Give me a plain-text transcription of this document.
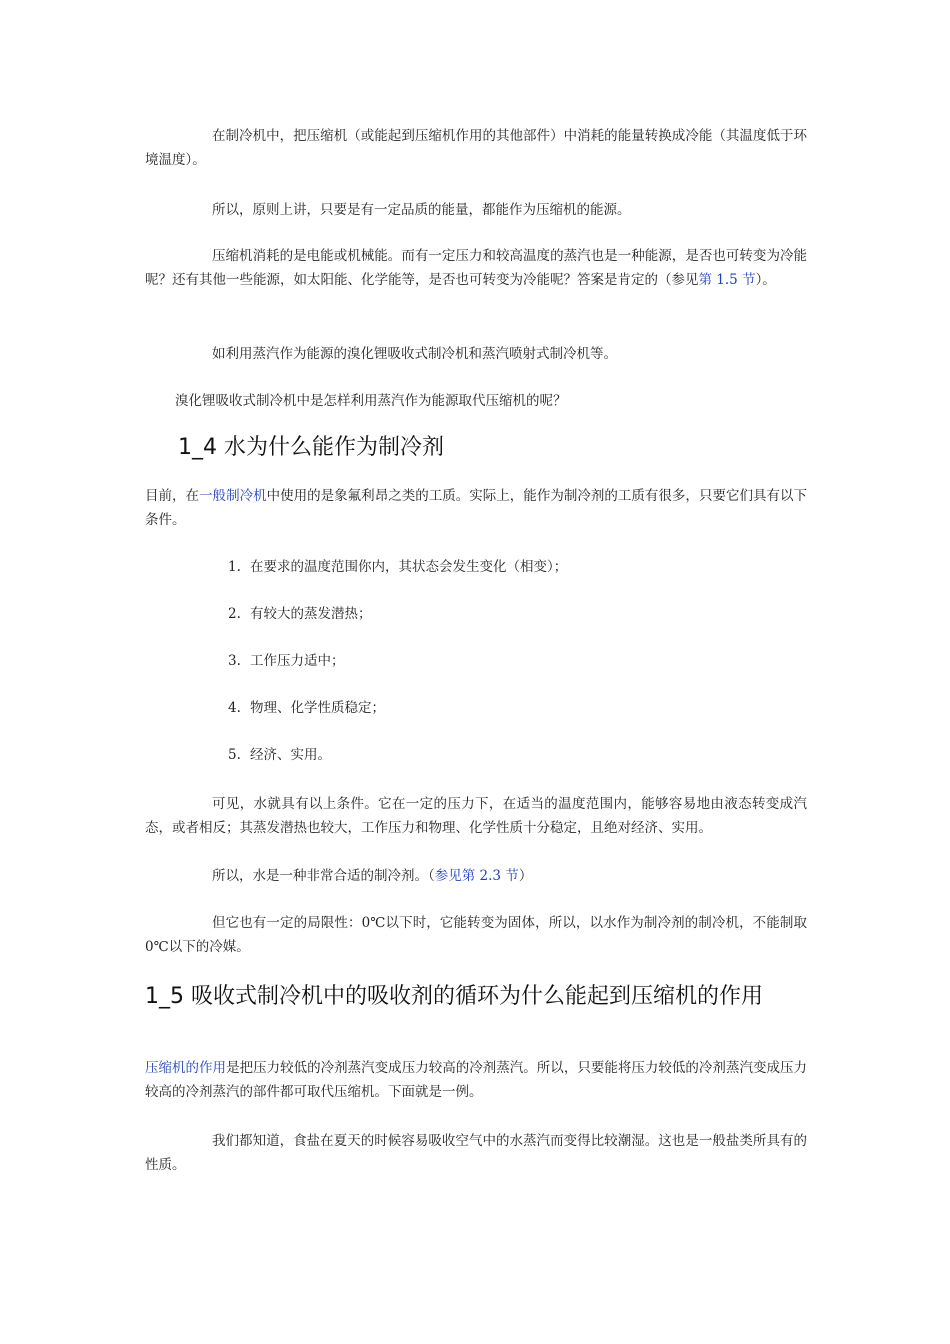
在制冷机中，把压缩机（或能起到压缩机作用的其他部件）中消耗的能量转换成冷能（其温度低于环境温度）。

所以，原则上讲，只要是有一定品质的能量，都能作为压缩机的能源。

压缩机消耗的是电能或机械能。而有一定压力和较高温度的蒸汽也是一种能源，是否也可转变为冷能呢？还有其他一些能源，如太阳能、化学能等，是否也可转变为冷能呢？答案是肯定的（参见第 1.5 节）。

如利用蒸汽作为能源的溴化锂吸收式制冷机和蒸汽喷射式制冷机等。

溴化锂吸收式制冷机中是怎样利用蒸汽作为能源取代压缩机的呢？

1_4 水为什么能作为制冷剂

目前，在一般制冷机中使用的是象氟利昂之类的工质。实际上，能作为制冷剂的工质有很多，只要它们具有以下条件。

1. 在要求的温度范围你内，其状态会发生变化（相变）；

2. 有较大的蒸发潜热；

3. 工作压力适中；

4. 物理、化学性质稳定；

5. 经济、实用。

可见，水就具有以上条件。它在一定的压力下，在适当的温度范围内，能够容易地由液态转变成汽态，或者相反；其蒸发潜热也较大，工作压力和物理、化学性质十分稳定，且绝对经济、实用。

所以，水是一种非常合适的制冷剂。（参见第 2.3 节）

但它也有一定的局限性：0℃以下时，它能转变为固体，所以，以水作为制冷剂的制冷机，不能制取 0℃以下的冷媒。

1_5 吸收式制冷机中的吸收剂的循环为什么能起到压缩机的作用

压缩机的作用是把压力较低的冷剂蒸汽变成压力较高的冷剂蒸汽。所以，只要能将压力较低的冷剂蒸汽变成压力较高的冷剂蒸汽的部件都可取代压缩机。下面就是一例。

我们都知道，食盐在夏天的时候容易吸收空气中的水蒸汽而变得比较潮湿。这也是一般盐类所具有的性质。
